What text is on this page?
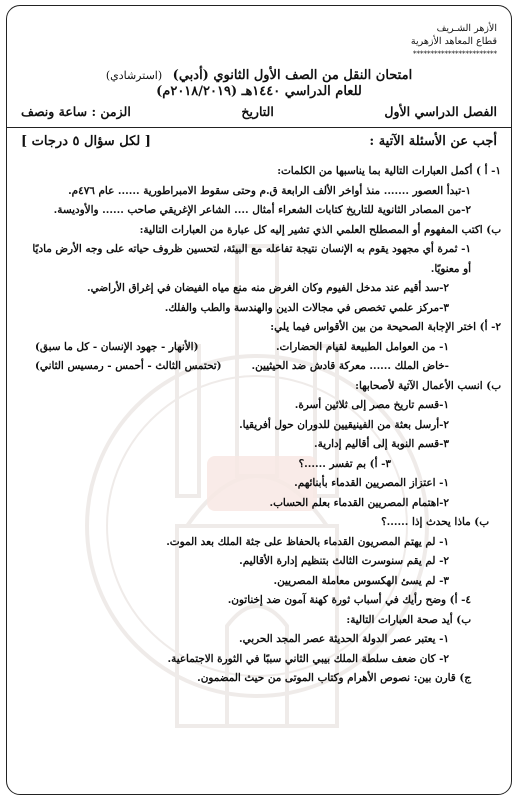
الأزهر الشـريف
قطاع المعاهد الأزهرية
************************
امتحان النقل من الصف الأول الثانوي (أدبي) (استرشادي)
للعام الدراسي ١٤٤٠هـ (٢٠١٨/٢٠١٩م)
الفصل الدراسي الأول
التاريخ
الزمن : ساعة ونصف
أجب عن الأسئلة الآتية :
[ لكل سؤال ٥ درجات ]
١- أ ) أكمل العبارات التالية بما يناسبها من الكلمات:
١-تبدأ العصور ....... منذ أواخر الألف الرابعة ق.م وحتى سقوط الامبراطورية ...... عام ٤٧٦م.
٢-من المصادر الثانوية للتاريخ كتابات الشعراء أمثال .... الشاعر الإغريقي صاحب ...... والأوديسة.
ب) اكتب المفهوم أو المصطلح العلمي الذي تشير إليه كل عبارة من العبارات التالية:
١- ثمرة أي مجهود يقوم به الإنسان نتيجة تفاعله مع البيئة، لتحسين ظروف حياته على وجه الأرض ماديًا
أو معنويًا.
٢-سد أقيم عند مدخل الفيوم وكان الغرض منه منع مياه الفيضان في إغراق الأراضي.
٣-مركز علمي تخصص في مجالات الدين والهندسة والطب والفلك.
٢- أ) اختر الإجابة الصحيحة من بين الأقواس فيما يلي:
١- من العوامل الطبيعة لقيام الحضارات.
(الأنهار - جهود الإنسان - كل ما سبق)
-خاض الملك ...... معركة قادش ضد الحيثيين.
(تحتمس الثالث - أحمس - رمسيس الثاني)
ب) انسب الأعمال الآتية لأصحابها:
١-قسم تاريخ مصر إلى ثلاثين أسرة.
٢-أرسل بعثة من الفينيقيين للدوران حول أفريقيا.
٣-قسم النوبة إلى أقاليم إدارية.
٣- أ) بم تفسر ......؟
١- اعتزاز المصريين القدماء بأبنائهم.
٢-اهتمام المصريين القدماء بعلم الحساب.
ب) ماذا يحدث إذا ......؟
١- لم يهتم المصريون القدماء بالحفاظ على جثة الملك بعد الموت.
٢- لم يقم سنوسرت الثالث بتنظيم إدارة الأقاليم.
٣- لم يسئ الهكسوس معاملة المصريين.
٤- أ) وضح رأيك في أسباب ثورة كهنة آمون ضد إخناتون.
ب) أيد صحة العبارات التالية:
١- يعتبر عصر الدولة الحديثة عصر المجد الحربي.
٢- كان ضعف سلطة الملك بيبي الثاني سببًا في الثورة الاجتماعية.
ج) قارن بين: نصوص الأهرام وكتاب الموتى من حيث المضمون.
